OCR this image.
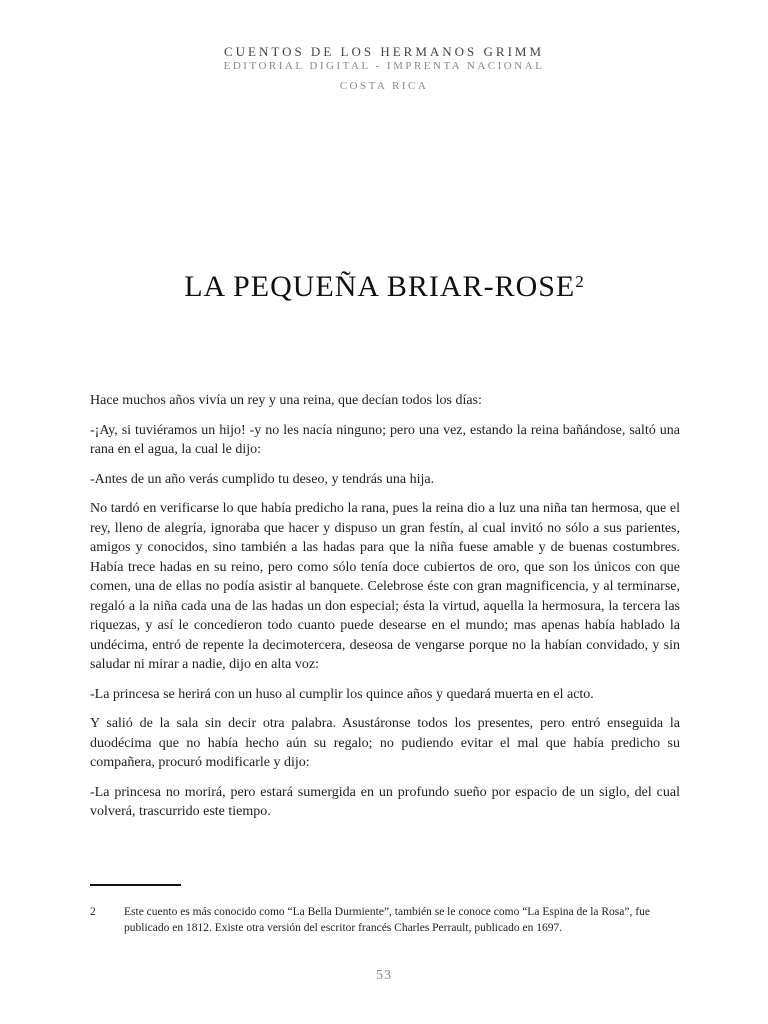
CUENTOS DE LOS HERMANOS GRIMM
EDITORIAL DIGITAL - IMPRENTA NACIONAL
COSTA RICA
LA PEQUEÑA BRIAR-ROSE$^2$

Hace muchos años vivía un rey y una reina, que decían todos los días:

-¡Ay, si tuviéramos un hijo! -y no les nacía ninguno; pero una vez, estando la reina bañándose, saltó una rana en el agua, la cual le dijo:

-Antes de un año verás cumplido tu deseo, y tendrás una hija.

No tardó en verificarse lo que había predicho la rana, pues la reina dio a luz una niña tan hermosa, que el rey, lleno de alegría, ignoraba que hacer y dispuso un gran festín, al cual invitó no sólo a sus parientes, amigos y conocidos, sino también a las hadas para que la niña fuese amable y de buenas costumbres. Había trece hadas en su reino, pero como sólo tenía doce cubiertos de oro, que son los únicos con que comen, una de ellas no podía asistir al banquete. Celebrose éste con gran magnificencia, y al terminarse, regaló a la niña cada una de las hadas un don especial; ésta la virtud, aquella la hermosura, la tercera las riquezas, y así le concedieron todo cuanto puede desearse en el mundo; mas apenas había hablado la undécima, entró de repente la decimotercera, deseosa de vengarse porque no la habían convidado, y sin saludar ni mirar a nadie, dijo en alta voz:

-La princesa se herirá con un huso al cumplir los quince años y quedará muerta en el acto.

Y salió de la sala sin decir otra palabra. Asustáronse todos los presentes, pero entró enseguida la duodécima que no había hecho aún su regalo; no pudiendo evitar el mal que había predicho su compañera, procuró modificarle y dijo:

-La princesa no morirá, pero estará sumergida en un profundo sueño por espacio de un siglo, del cual volverá, trascurrido este tiempo.

2	Este cuento es más conocido como “La Bella Durmiente”, también se le conoce como “La Espina de la Rosa”, fue publicado en 1812. Existe otra versión del escritor francés Charles Perrault, publicado en 1697.
53
